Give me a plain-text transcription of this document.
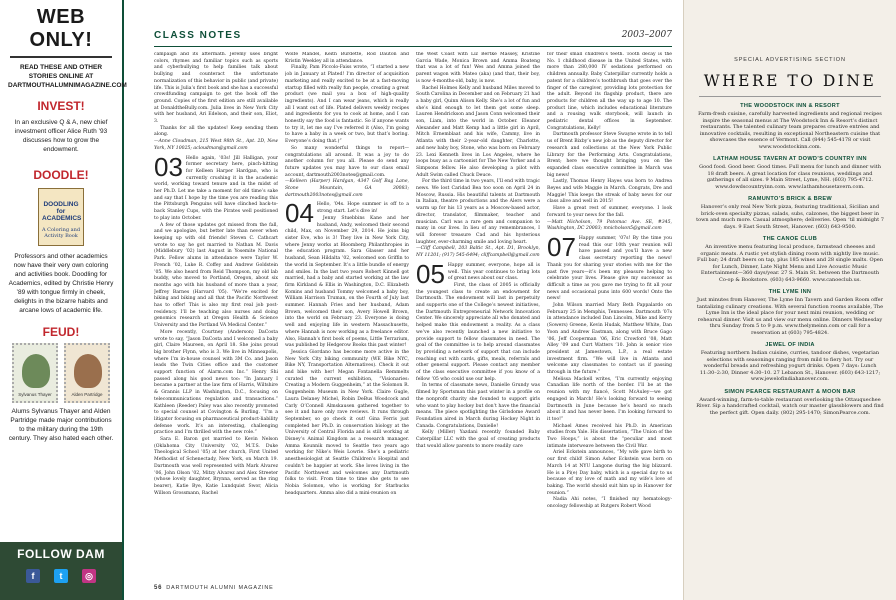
WEB ONLY!
READ THESE AND OTHER STORIES ONLINE AT DARTMOUTHALUMNIMAGAZINE.COM
INVEST!
In an exclusive Q & A, new chief investment officer Alice Ruth ’93 discusses how to grow the endowment.
DOODLE!
DOODLING for ACADEMICS
A Coloring and Activity Book
Professors and other academics now have their very own coloring and activities book. Doodling for Academics, edited by Christie Henry ’89 with tongue firmly in cheek, delights in the bizarre habits and arcane lows of academic life.
FEUD!
Sylvanus Thayer	Alden Partridge
Alums Sylvanus Thayer and Alden Partridge made major contributions to the military during the 19th century. They also hated each other.
FOLLOW DAM
f	t	◎
CLASS NOTES	2003–2007

campaign and its aftermath. Jeremy uses bright colors, rhymes and familiar topics such as sports and cyberbullying to help families talk about bullying and counteract the unfortunate normalization of this behavior in public (and private) life. This is Julia’s first book and she has a successful crowdfunding campaign to get the book off the ground. Copies of the first edition are still available at DonaldtheBully.com. Julia lives in New York City with her husband, Ari Edelson, and their son, Eliot, 3.

Thanks for all the updates! Keep sending them along.

—Anne Cloudman, 215 West 98th St., Apt. 2D, New York, NY 10025; acloudman@gmail.com

03 Hello again, ’03s! Jill Halligan, your former secretary here, pinch-hitting for Kelleen Harper Hardgan, who is currently crushing it in the academic world, working toward tenure and in the midst of her Ph.D. Let me take a moment for old time’s sake and say that I hope by the time you are reading this the Pittsburgh Penguins will have clinched back-to-back Stanley Cups, with the Pirates well positioned to play into October.

A few of those updates got missed from the fall, and we apologize, but better late than never when keeping up with old friends! Steven C. Cathcart wrote to say he got married to Nathan M. Davis (Middlebury ’02) last August in Yosemite National Park. Fellow alums in attendance were Taylor W. French ’02, Luke R. Coffey and Andrew Goldstein ’05. We also heard from Reid Thompson, my old lab buddy, who moved to Portland, Oregon, about six months ago with his husband of more than a year, Jeffrey Barnes (Harvard ’05). “We’re excited for hiking and biking and all that the Pacific Northwest has to offer! This is also my first real job post-residency. I’ll be teaching also nurses and doing genomics research at Oregon Health & Science University and the Portland VA Medical Center.”

More recently, Courtney (Anderson) DaCosta wrote to say, “Jason DaCosta and I welcomed a baby girl, Claire Maureen, on April 18. She joins proud big brother Flynn, who is 3. We live in Minneapolis, where I’m in-house counsel with 3M Co. and Jason leads the Twin Cities office and the customer support function of Alarm.com Inc.” Henry Shi passed along his good news too: “In January I became a partner at the law firm of Harris, Wiltshire & Grannis LLP in Washington, D.C., focusing on telecommunications regulation and transactions.” Kathleen (Reeder) Paley was also recently promoted to special counsel at Covington & Burling. “I’m a litigator focusing on pharmaceutical product-liability defense work. It’s an interesting, challenging practice and I’m thrilled with the new role.”

Sara E. Baron got married to Kevin Nelson (Oklahoma City University ’02, M.T.S. Duke Theological School ’05) at her church, First United Methodist of Schenectady, New York, on March 19. Dartmouth was well represented with Mark Alvarez ’06, John Olson ’02, Mitzy Alvarez and Alex Streeter (whose lovely daughter, Brynna, served as the ring bearer), Katie Bye, Katie Lundquist Swor, Alicia Willson Grossmann, Rachel

Wolfe Mandel, Keith Burdette, Rod Dauton and Kristin Weekley all in attendance.

Finally, Pam Piccolo-Faiss wrote, “I started a new job in January at Plated! I’m director of acquisition marketing and really excited to be at a fast-moving startup filled with really fun people, creating a great product (we mail you a box of high-quality ingredients). And I can wear jeans, which is really all I want out of life. Plated delivers weekly recipes and ingredients for you to cook at home, and I can honestly say the food is fantastic. So if anyone wants to try it, let me say I’ve referred it (Also, I’m going to have a baby in a week or two, but that’s boring. Everyone’s doing that.)”

So many wonderful things to report—congratulations all around. It was a joy to do another column for you all. Please do send any future updates you may have to our class email account, dartmouth2003notes@gmail.com.

—Kelleen (Harper) Hardgan, 4347 Golf Bag Lane, Stone Mountain, GA 30083; dartmouth2003notes@gmail.com

04 Hello, ’04s. Hope summer is off to a strong start. Let’s dive in!

Jenny Stuebbins Kane and her husband, Andy, welcomed their second child, Max, on November 29, 2014. He joins big sister Eve, who is 3! They live in New York City, where Jenny works at Bloomberg Philanthropies in the education program. Sara Glasser and her husband, Sean Hildalta ’02, welcomed son Griffin to the world in September. It’s a little bundle of energy and smiles. In the last two years Robert Kinnell got married, had a baby and started working at the law firm Kirkland & Ellis in Washington, D.C. Elizabeth Komins and husband Tommy welcomed a baby boy, William Harrison Truman, on the Fourth of July last summer. Hannah Fries and her husband, Adam Brown, welcomed their son, Avery Howell Brown, into the world on February 23. Everyone is doing well and enjoying life in western Massachusetts, where Hannah is now working as a freelance editor. Also, Hannah’s first book of poems, Little Terrarium, was published by Hedgerow Books this past winter!

Jessica Giordano has become more active in the New York City biking community (WE Bike NYC, Bike NY, Transportation Alternatives). Check it out and bike with her! Megan Fontanella Remmelts curated the current exhibition, “Visionaries: Creating a Modern Guggenheim,” at the Solomon R. Guggenheim Museum in New York. Claire Gugle, Laura Delaney Michel, Robin DeBus Woodcock and Carly O’Connell Almskausen gathered together to see it and have only rave reviews. It runs through September, so go check it out! Gina Ferris just completed her Ph.D. in conservation biology at the University of Central Florida and is still working at Disney’s Animal Kingdom as a research manager. Amma Kounnik moved to Seattle two years ago working for Nike’s Weis Lowrie. She’s a pediatric anesthesiologist at Seattle Children’s Hospital and couldn’t be happier at work. She loves living in the Pacific Northwest and welcomes any Dartmouth folks to visit. From time to time she gets to see Nobia Solomon, who is working for Starbucks headquarters. Amma also did a mini-reunion on

the West Coast with Liz Bertke Massey, Kristine Garcia Wade, Monica Brown and Amma Boateng that was a lot of fun! Wes and Amma joined the parent wagon with Mateo (aka) (and that, their boy, is now 4-months-old, baby, is now.

Rachel Holmes Kelly and husband Miles moved to South Carolina in December and on February 21 had a baby girl, Quinn Alison Kelly. She’s a lot of fun and she’s kind enough to let them get some sleep. Lauren Hendrickson and Jason Conn welcomed their son, Liam, into the world in October. Eleanor Alexander and Matt Kemp had a little girl in April, Mitch Ernemblaat and his wife, Cammy, live in Atlanta with their 2-year-old daughter, Charlotte, and new baby boy, Stone, who was born on February 23. Lexi Kenneth lives in Los Angeles, where he loops busy as a cartoonist for The New Yorker and a Simpsons fellow. He also developing a pilot with Adult Swim called Chuck Deuce.

For the third time in two years, I’ll end with tragic news. We lost Caridad Bea too soon on April 24 in Moscow, Russia. His beautiful talents at Dartmouth in Italian, theatre productions and the Alers were a warm up for his 13 years as a Moscow-based actor, director, translator, filmmaker, teacher and musician. Carl was a rare gem and companion to many in our lives. In lieu of any remembrances, I will forever treasure Cad and his hysterious laughter, ever-charming smile and loving heart.

—Cliff Campbell, 203 Baltic St., Apt. D1, Brooklyn, NY 11201; (917) 545-6494; cliffcampbell@gmail.com

05 Happy summer, everyone, hope all is well. This year continues to bring lots of great news about our class.

First, the class of 2005 is officially the youngest class to create an endowment for Dartmouth. The endowment will last in perpetuity and supports one of the College’s newest initiatives, the Dartmouth Entrepreneurial Network Innovation Center. We sincerely appreciate all who donated and helped make this endowment a reality. As a class we’ve also recently launched a new initiative to provide support to fellow classmates in need. The goal of the committee is to help around classmates by providing a network of support that can include reaching out with cards, gifts, meals, referrals and other general support. Please contact any member of the class executive committee if you know of a fellow ’05 who could use our help.

In terms of classmate news, Danielle Grundy was filmed by Sportsman this past winter in a profile on the nonprofit charity she founded to support girls who want to play hockey but don’t have the financial means. The piece spotlighting the Girlsdome Award Foundation aired in March during Hockey Night in Canada. Congratulations, Danielle!

Kelly (Miller) Yazdani recently founded Baby Caterpillar LLC with the goal of creating products that would allow parents to more readily care

56 DARTMOUTH ALUMNI MAGAZINE
SPECIAL ADVERTISING SECTION
WHERE TO DINE
THE WOODSTOCK INN & RESORT
Farm-fresh cuisine, carefully harvested ingredients and regional recipes inspire the seasonal menus at The Woodstock Inn & Resort’s distinct restaurants. The talented culinary team prepares creative entrées and innovative cocktails, resulting in exceptional Northeastern cuisine that showcases the essence of Vermont. Call (844) 545-4178 or visit www.woodstockinn.com.
LATHAM HOUSE TAVERN AT DOWD’S COUNTRY INN
Good food. Good beer. Good times. Full menu for lunch and dinner with 18 draft beers. A great location for class reunions, weddings and gatherings of all sizes. 9 Main Street, Lyme, NH. (603) 795-4712. www.dowdscountryinn.com. www.lathamhousetavern.com.
RAMUNTO’S BRICK & BREW
Hanover’s only real New York pizza, featuring traditional, Sicilian and brick-oven specialty pizzas, salads, subs, calzones, the biggest beer in town and much more. Casual atmosphere; deliveries. Open ‘til midnight 7 days. 9 East South Street, Hanover. (603) 643-9500.
THE CANOE CLUB
An inventive menu featuring local produce, farmstead cheeses and organic meats. A rustic yet stylish dining room with nightly live music. Full bar; 24 draft beers on tap, plus 185 wines and 28 single malts. Open for Lunch, Dinner, Late Night Menu and Live Acoustic Music Entertainment—360 days/year. 27 S. Main St. between the Dartmouth Co-op & Bookstore. (603) 643-9660. www.canoeclub.us.
THE LYME INN
Just minutes from Hanover, The Lyme Inn Tavern and Garden Room offer tantalizing culinary creations. With several function rooms available, The Lyme Inn is the ideal place for your next mini reunion, wedding or rehearsal dinner. Visit us and view our menu online. Dinners Wednesday thru Sunday from 5 to 9 p.m. www.thelymeinn.com or call for a reservation at (603) 795-4824.
JEWEL OF INDIA
Featuring northern Indian cuisine, curries, tandoor dishes, vegetarian selections with seasonings ranging from mild to fiery hot. Try our wonderful breads and refreshing yogurt drinks. Open 7 days: Lunch 11:30–2:30, Dinner 4:30–10. 27 Lebanon St., Hanover. (603) 643-1217; www.jewelofindiahanover.com.
SIMON PEARCE RESTAURANT & MOON BAR
Award-winning, farm-to-table restaurant overlooking the Ottauquechee River. Sip a handcrafted cocktail, watch our master glassblowers and find the perfect gift. Open daily. (802) 295-1470; SimonPearce.com.

for their small children’s teeth. Tooth decay is the No. 1 childhood disease in the United States, with more than 280,000 IV sedations performed on children annually. Baby Caterpillar currently holds a patent for a children’s toothbrush that goes over the finger of the caregiver, providing lots protection for the adult. Beyond its flagship product, there are products for children all the way up to age 10. The product line, which includes educational literature and a rousing walk storybook, will launch in pediatric dental offices in September. Congratulations, Kelly!

Dartmouth professor Steve Swayne wrote in to tell us of Brent Bixby’s new job as the deputy director for research and collections at the New York Public Library for the Performing Arts. Congratulations, Brent; here we thought bringing you on the expanded class executive committee in March was big news!

Lastly, Thomas Henry Hayes was born to Andrea Reyes and wife Maggie in March. Congrats, Dre and Maggie! This keeps the streak of baby news for our class alive and well in 2015!

Have a great rest of summer, everyone. I look forward to your news for the fall.

—Matt Nicholson, 79 Potomac Ave. SE, #345, Washington, DC 20003; mnicholson5@gmail.com

07 Happy summer, ’07s! By the time you read this our 10th year reunion will have passed and you’ll have a new class secretary reporting the news! Thank you for sharing your stories with me for the past five years—it’s been my pleasure helping to celebrate your lives. Please give my successor as difficult a time as you gave me trying to fit all your news and occasional puns into 600 words! Onto the news!

John Wilson married Mary Beth Pappalardo on February 25 in Memphis, Tennessee. Dartmouth ’07s in attendance included Dan Lincolm, Mike and Kerry (Sowers) Greene, Kevin Hudak, Matthew White, Dan Yoon and Andrew Eastman, along with Bruce Gago ’06, Jeff Cooperman ’06, Eric Crowford ’08, Matt Alley ’09 and Curt Watters ’10. John is senior vice president at Jamestown, L.P., a real estate investment firm. “We will live in Atlanta and welcome any classmates to contact us if passing through in the future.”

Melissa Mackell writes, “I’m currently enjoying Canadian life north of the border. I’ll be at the reunion with my fiancé, Scott McAuley—we got engaged in March! He’s looking forward to seeing Dartmouth in June because he’s heard so much about it and has never been. I’m looking forward to it too!”

Michael Ames received his Ph.D. in American studies from Yale. His dissertation, “The Union of the Two Hoops,” is about the “peculiar and most intimate interweave between the Civil War.

Ariel Eckstein announces, “My wife gave birth to our first child! Simon Asher Eckstein was born on March 14 at NYU Langone during the big blizzard. He is a Pi(e) Day baby, which is a special day to us because of my love of math and my wife’s love of baking. The world should suit him up in Hanover for reunion.”

Nadia Ahi notes, “I finished my hematology-oncology fellowship at Rutgers Robert Wood
